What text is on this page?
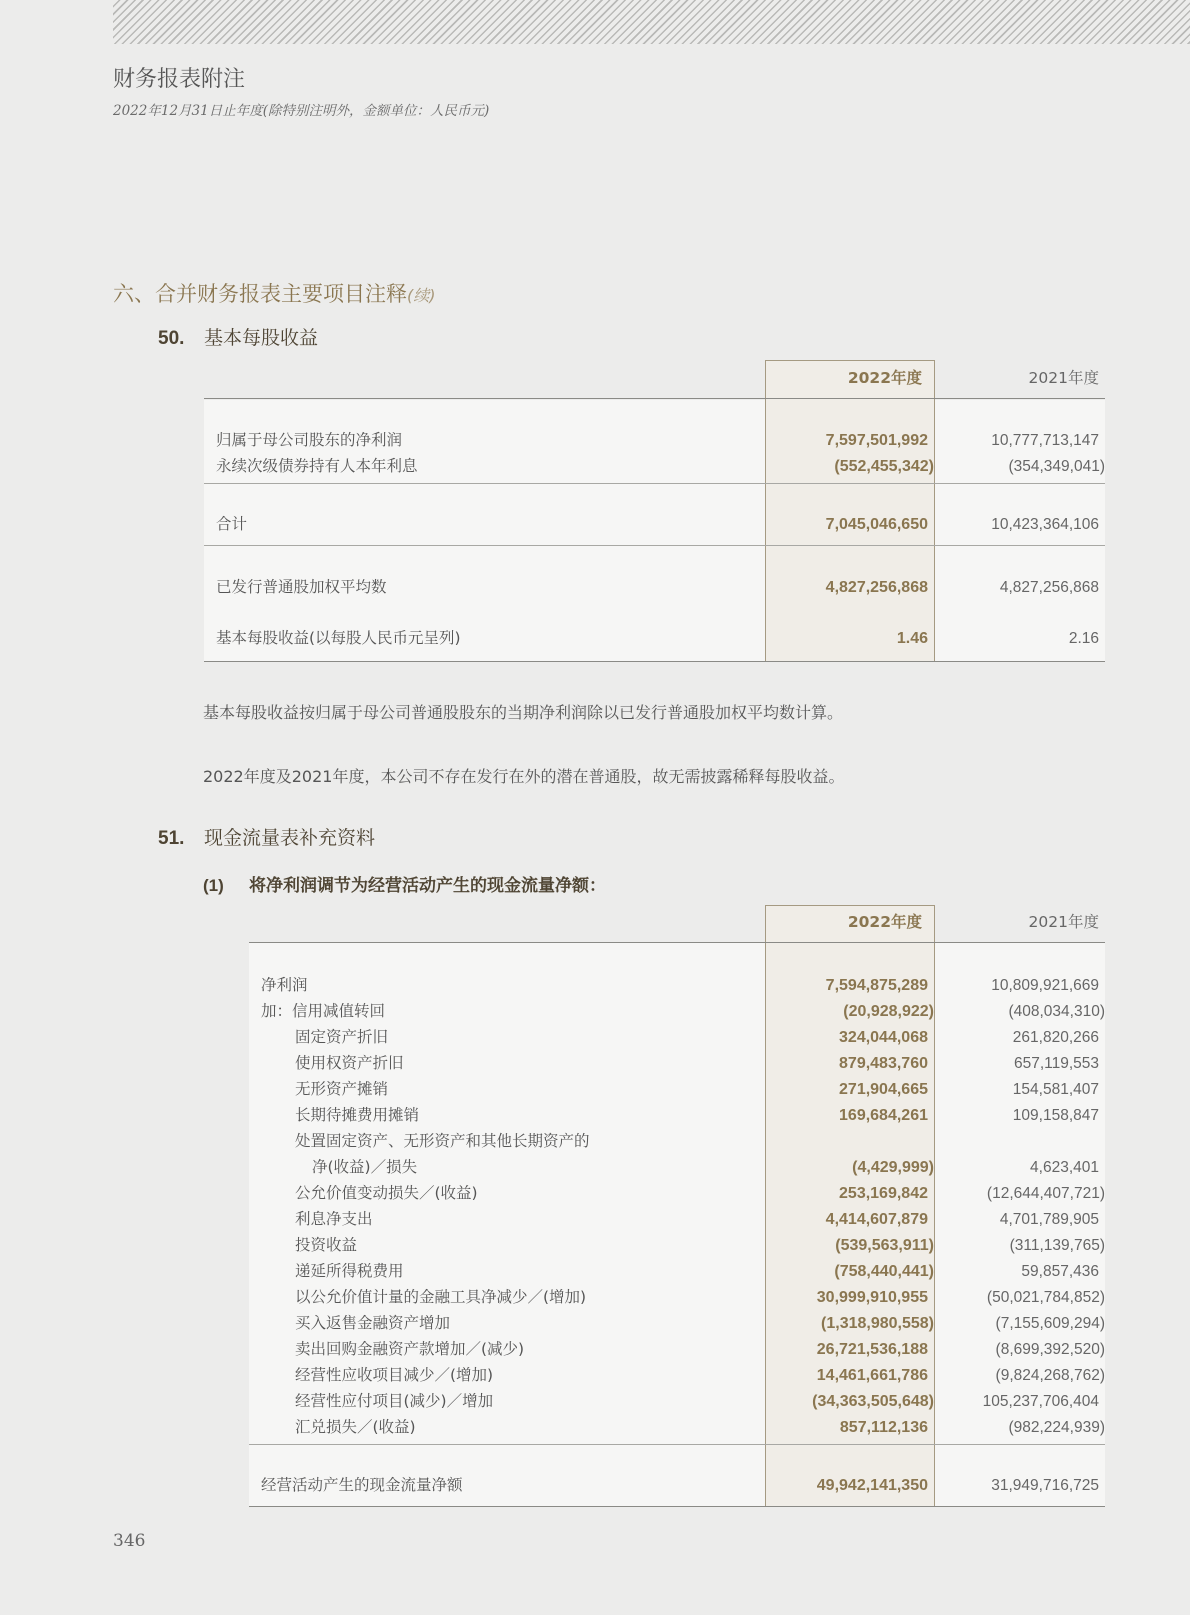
财务报表附注
2022年12月31日止年度(除特别注明外，金额单位：人民币元)
六、合并财务报表主要项目注释(续)
50. 基本每股收益
2022年度	2021年度
归属于母公司股东的净利润	7,597,501,992	10,777,713,147
永续次级债券持有人本年利息	(552,455,342)	(354,349,041)
合计	7,045,046,650	10,423,364,106
已发行普通股加权平均数	4,827,256,868	4,827,256,868
基本每股收益(以每股人民币元呈列)	1.46	2.16
基本每股收益按归属于母公司普通股股东的当期净利润除以已发行普通股加权平均数计算。
2022年度及2021年度，本公司不存在发行在外的潜在普通股，故无需披露稀释每股收益。
51. 现金流量表补充资料
(1) 将净利润调节为经营活动产生的现金流量净额：
2022年度	2021年度
净利润	7,594,875,289	10,809,921,669
加：信用减值转回	(20,928,922)	(408,034,310)
固定资产折旧	324,044,068	261,820,266
使用权资产折旧	879,483,760	657,119,553
无形资产摊销	271,904,665	154,581,407
长期待摊费用摊销	169,684,261	109,158,847
处置固定资产、无形资产和其他长期资产的
净(收益)／损失	(4,429,999)	4,623,401
公允价值变动损失／(收益)	253,169,842	(12,644,407,721)
利息净支出	4,414,607,879	4,701,789,905
投资收益	(539,563,911)	(311,139,765)
递延所得税费用	(758,440,441)	59,857,436
以公允价值计量的金融工具净减少／(增加)	30,999,910,955	(50,021,784,852)
买入返售金融资产增加	(1,318,980,558)	(7,155,609,294)
卖出回购金融资产款增加／(减少)	26,721,536,188	(8,699,392,520)
经营性应收项目减少／(增加)	14,461,661,786	(9,824,268,762)
经营性应付项目(减少)／增加	(34,363,505,648)	105,237,706,404
汇兑损失／(收益)	857,112,136	(982,224,939)
经营活动产生的现金流量净额	49,942,141,350	31,949,716,725
346
